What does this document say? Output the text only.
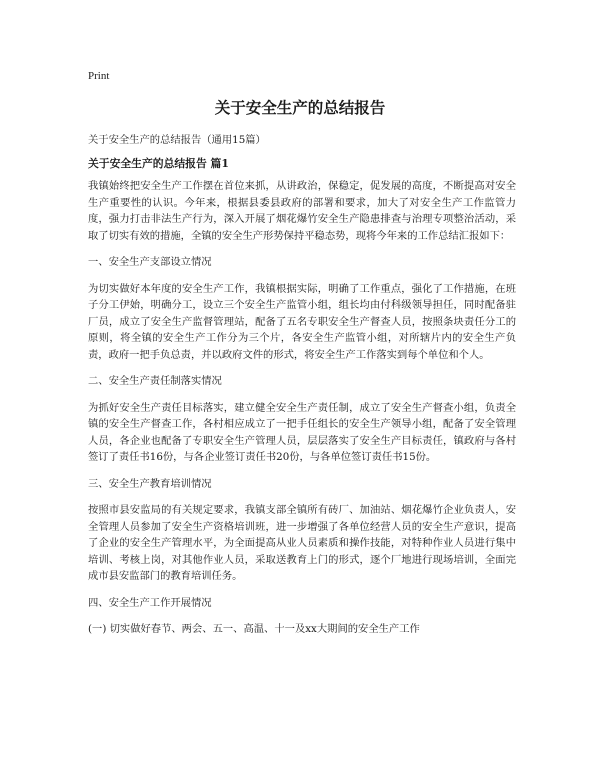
Print
关于安全生产的总结报告

关于安全生产的总结报告（通用15篇）

关于安全生产的总结报告 篇1

我镇始终把安全生产工作摆在首位来抓，从讲政治，保稳定，促发展的高度，不断提高对安全生产重要性的认识。今年来，根据县委县政府的部署和要求，加大了对安全生产工作监管力度，强力打击非法生产行为，深入开展了烟花爆竹安全生产隐患排查与治理专项整治活动，采取了切实有效的措施，全镇的安全生产形势保持平稳态势，现将今年来的工作总结汇报如下：

一、安全生产支部设立情况

为切实做好本年度的安全生产工作，我镇根据实际，明确了工作重点，强化了工作措施，在班子分工伊始，明确分工，设立三个安全生产监管小组，组长均由付科级领导担任，同时配备驻厂员，成立了安全生产监督管理站，配备了五名专职安全生产督查人员，按照条块责任分工的原则，将全镇的安全生产工作分为三个片，各安全生产监管小组，对所辖片内的安全生产负责，政府一把手负总责，并以政府文件的形式，将安全生产工作落实到每个单位和个人。

二、安全生产责任制落实情况

为抓好安全生产责任目标落实，建立健全安全生产责任制，成立了安全生产督查小组，负责全镇的安全生产督查工作，各村相应成立了一把手任组长的安全生产领导小组，配备了安全管理人员，各企业也配备了专职安全生产管理人员，层层落实了安全生产目标责任，镇政府与各村签订了责任书16份，与各企业签订责任书20份，与各单位签订责任书15份。

三、安全生产教育培训情况

按照市县安监局的有关规定要求，我镇支部全镇所有砖厂、加油站、烟花爆竹企业负责人，安全管理人员参加了安全生产资格培训班，进一步增强了各单位经营人员的安全生产意识，提高了企业的安全生产管理水平，为全面提高从业人员素质和操作技能，对特种作业人员进行集中培训、考核上岗，对其他作业人员，采取送教育上门的形式，逐个厂地进行现场培训，全面完成市县安监部门的教育培训任务。

四、安全生产工作开展情况

(一) 切实做好春节、两会、五一、高温、十一及xx大期间的安全生产工作
